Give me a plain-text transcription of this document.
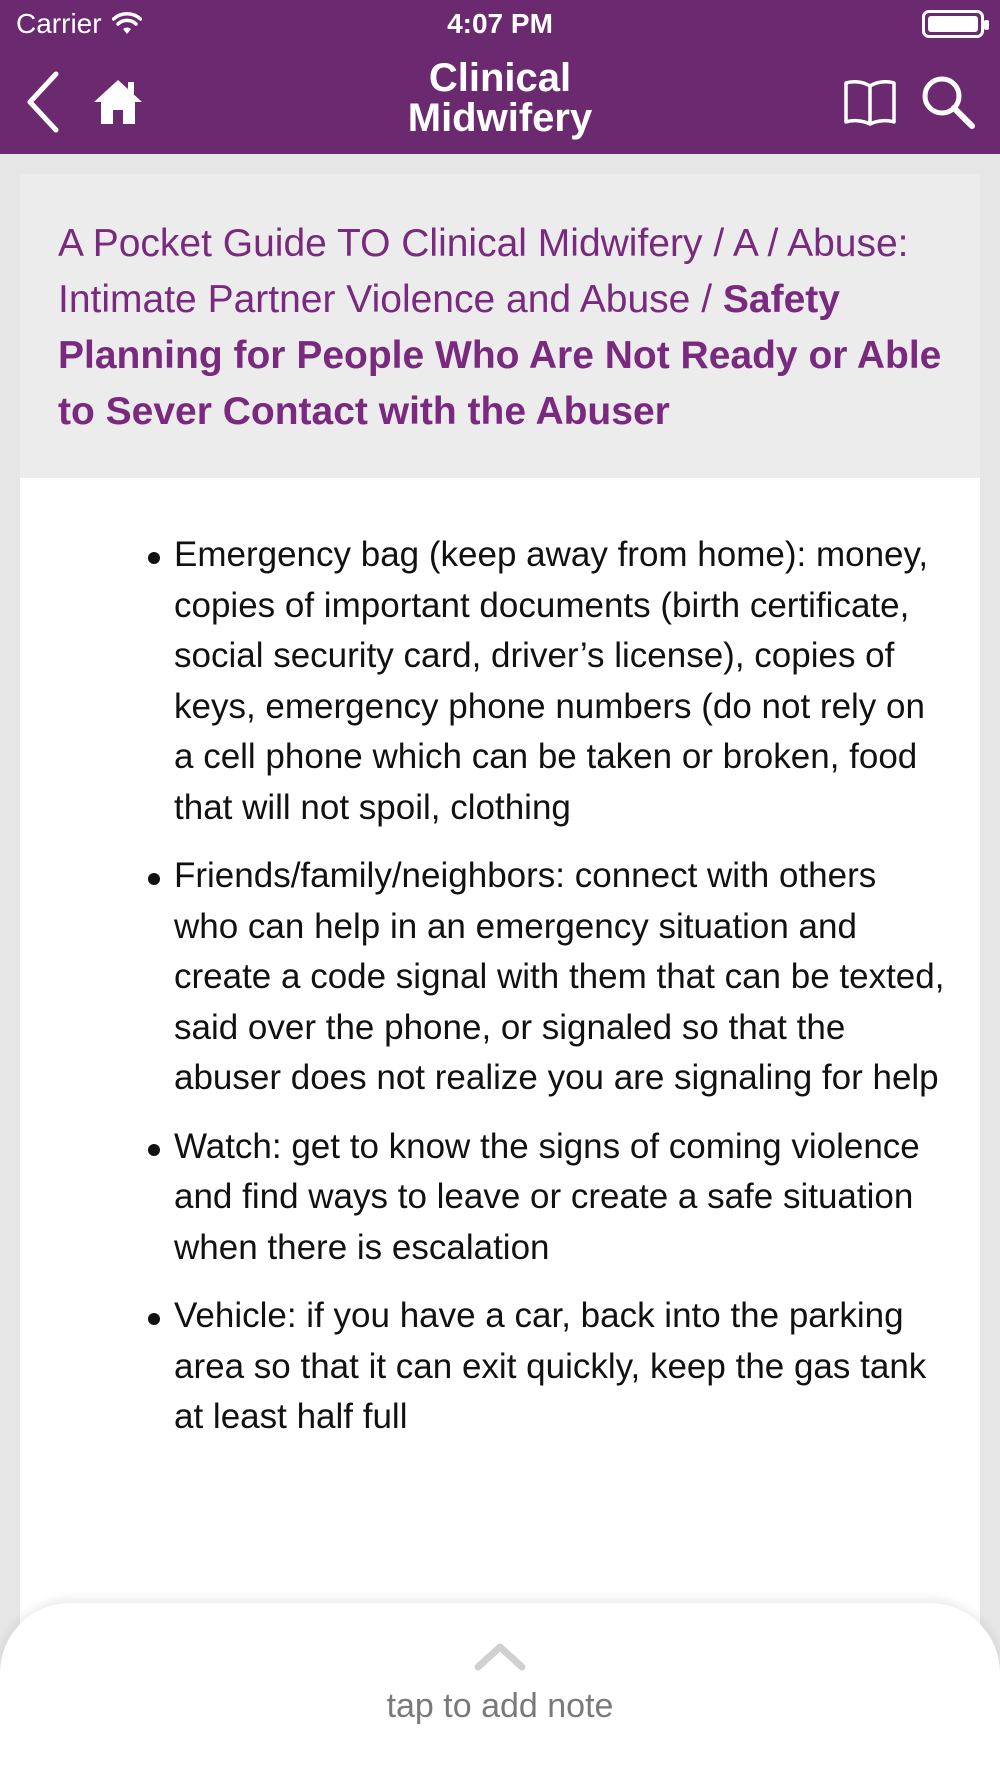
Carrier	4:07 PM
Clinical
Midwifery
A Pocket Guide TO Clinical Midwifery / A / Abuse: Intimate Partner Violence and Abuse / Safety Planning for People Who Are Not Ready or Able to Sever Contact with the Abuser
Emergency bag (keep away from home): money, copies of important documents (birth certificate, social security card, driver’s license), copies of keys, emergency phone numbers (do not rely on a cell phone which can be taken or broken, food that will not spoil, clothing
Friends/family/neighbors: connect with others who can help in an emergency situation and create a code signal with them that can be texted, said over the phone, or signaled so that the abuser does not realize you are signaling for help
Watch: get to know the signs of coming violence and find ways to leave or create a safe situation when there is escalation
Vehicle: if you have a car, back into the parking area so that it can exit quickly, keep the gas tank at least half full
tap to add note
